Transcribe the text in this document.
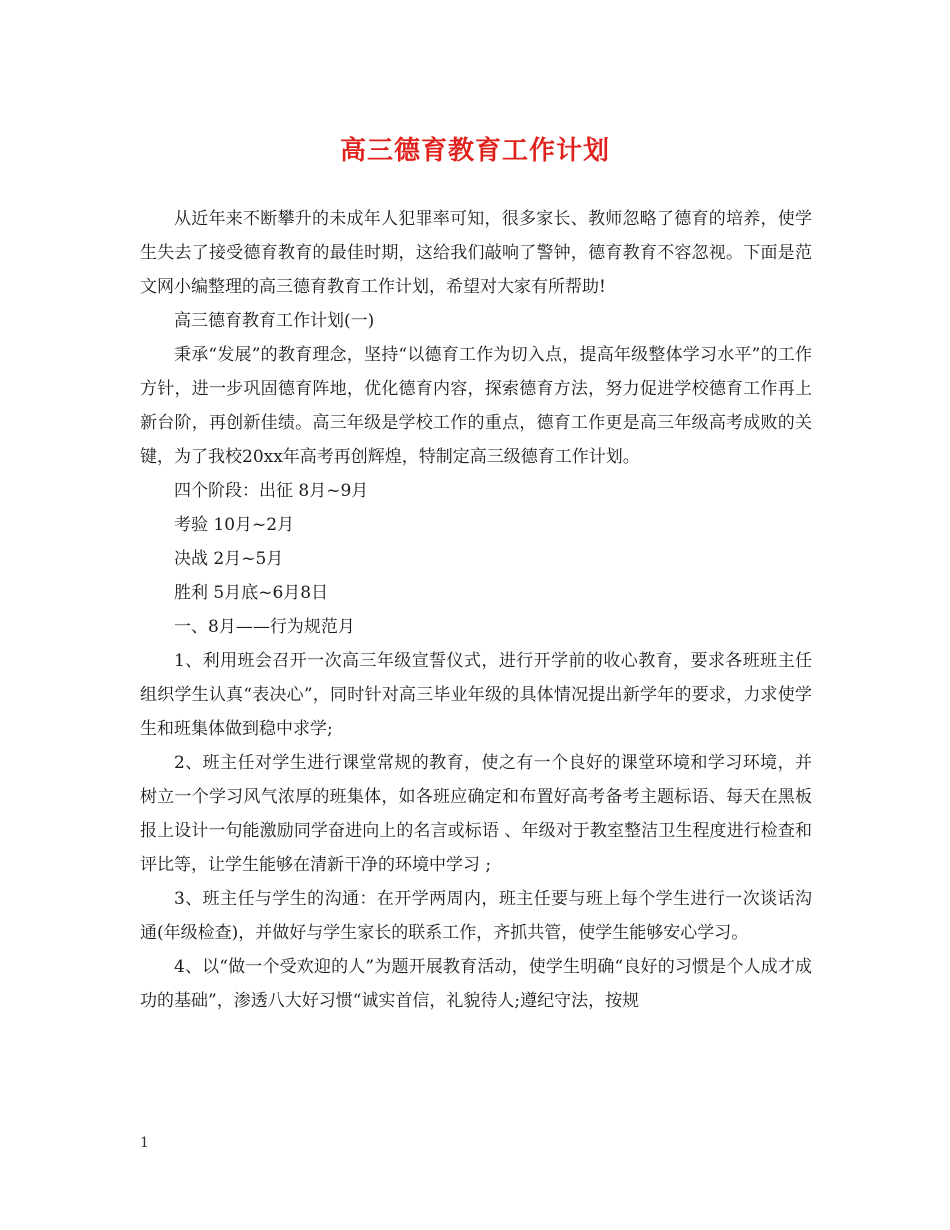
高三德育教育工作计划

从近年来不断攀升的未成年人犯罪率可知，很多家长、教师忽略了德育的培养，使学生失去了接受德育教育的最佳时期，这给我们敲响了警钟，德育教育不容忽视。下面是范文网小编整理的高三德育教育工作计划，希望对大家有所帮助!

高三德育教育工作计划(一)

秉承“发展”的教育理念，坚持“以德育工作为切入点，提高年级整体学习水平”的工作方针，进一步巩固德育阵地，优化德育内容，探索德育方法，努力促进学校德育工作再上新台阶，再创新佳绩。高三年级是学校工作的重点，德育工作更是高三年级高考成败的关键，为了我校20xx年高考再创辉煌，特制定高三级德育工作计划。

四个阶段：出征 8月~9月

考验 10月~2月

决战 2月~5月

胜利 5月底~6月8日

一、8月——行为规范月

1、利用班会召开一次高三年级宣誓仪式，进行开学前的收心教育，要求各班班主任组织学生认真“表决心”，同时针对高三毕业年级的具体情况提出新学年的要求，力求使学生和班集体做到稳中求学;

2、班主任对学生进行课堂常规的教育，使之有一个良好的课堂环境和学习环境，并树立一个学习风气浓厚的班集体，如各班应确定和布置好高考备考主题标语、每天在黑板报上设计一句能激励同学奋进向上的名言或标语 、年级对于教室整洁卫生程度进行检查和评比等，让学生能够在清新干净的环境中学习 ;

3、班主任与学生的沟通：在开学两周内，班主任要与班上每个学生进行一次谈话沟通(年级检查)，并做好与学生家长的联系工作，齐抓共管，使学生能够安心学习。

4、以“做一个受欢迎的人”为题开展教育活动，使学生明确“良好的习惯是个人成才成功的基础”，渗透八大好习惯“诚实首信，礼貌待人;遵纪守法，按规

1
